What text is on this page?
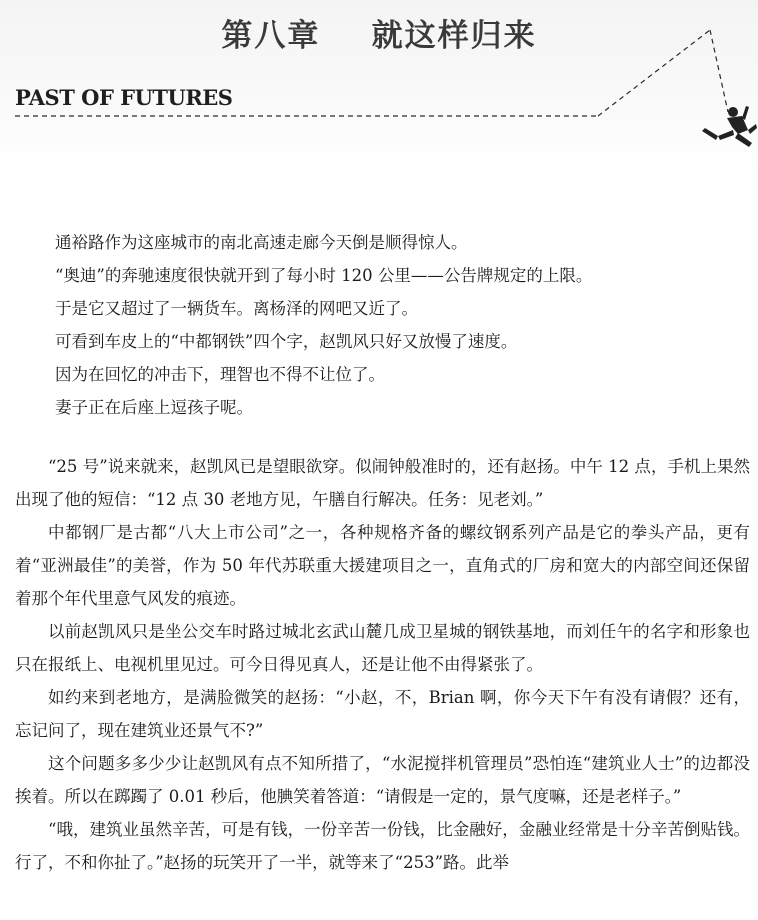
第八章    就这样归来
PAST OF FUTURES

通裕路作为这座城市的南北高速走廊今天倒是顺得惊人。

“奥迪”的奔驰速度很快就开到了每小时 120 公里——公告牌规定的上限。

于是它又超过了一辆货车。离杨泽的网吧又近了。

可看到车皮上的“中都钢铁”四个字，赵凯风只好又放慢了速度。

因为在回忆的冲击下，理智也不得不让位了。

妻子正在后座上逗孩子呢。

“25 号”说来就来，赵凯风已是望眼欲穿。似闹钟般准时的，还有赵扬。中午 12 点，手机上果然出现了他的短信：“12 点 30 老地方见，午膳自行解决。任务：见老刘。”

中都钢厂是古都“八大上市公司”之一，各种规格齐备的螺纹钢系列产品是它的拳头产品，更有着“亚洲最佳”的美誉，作为 50 年代苏联重大援建项目之一，直角式的厂房和宽大的内部空间还保留着那个年代里意气风发的痕迹。

以前赵凯风只是坐公交车时路过城北玄武山麓几成卫星城的钢铁基地，而刘任午的名字和形象也只在报纸上、电视机里见过。可今日得见真人，还是让他不由得紧张了。

如约来到老地方，是满脸微笑的赵扬：“小赵，不，Brian 啊，你今天下午有没有请假？还有，忘记问了，现在建筑业还景气不?”

这个问题多多少少让赵凯风有点不知所措了，“水泥搅拌机管理员”恐怕连“建筑业人士”的边都没挨着。所以在踯躅了 0.01 秒后，他腆笑着答道：“请假是一定的，景气度嘛，还是老样子。”

“哦，建筑业虽然辛苦，可是有钱，一份辛苦一份钱，比金融好，金融业经常是十分辛苦倒贴钱。行了，不和你扯了。”赵扬的玩笑开了一半，就等来了“253”路。此举
